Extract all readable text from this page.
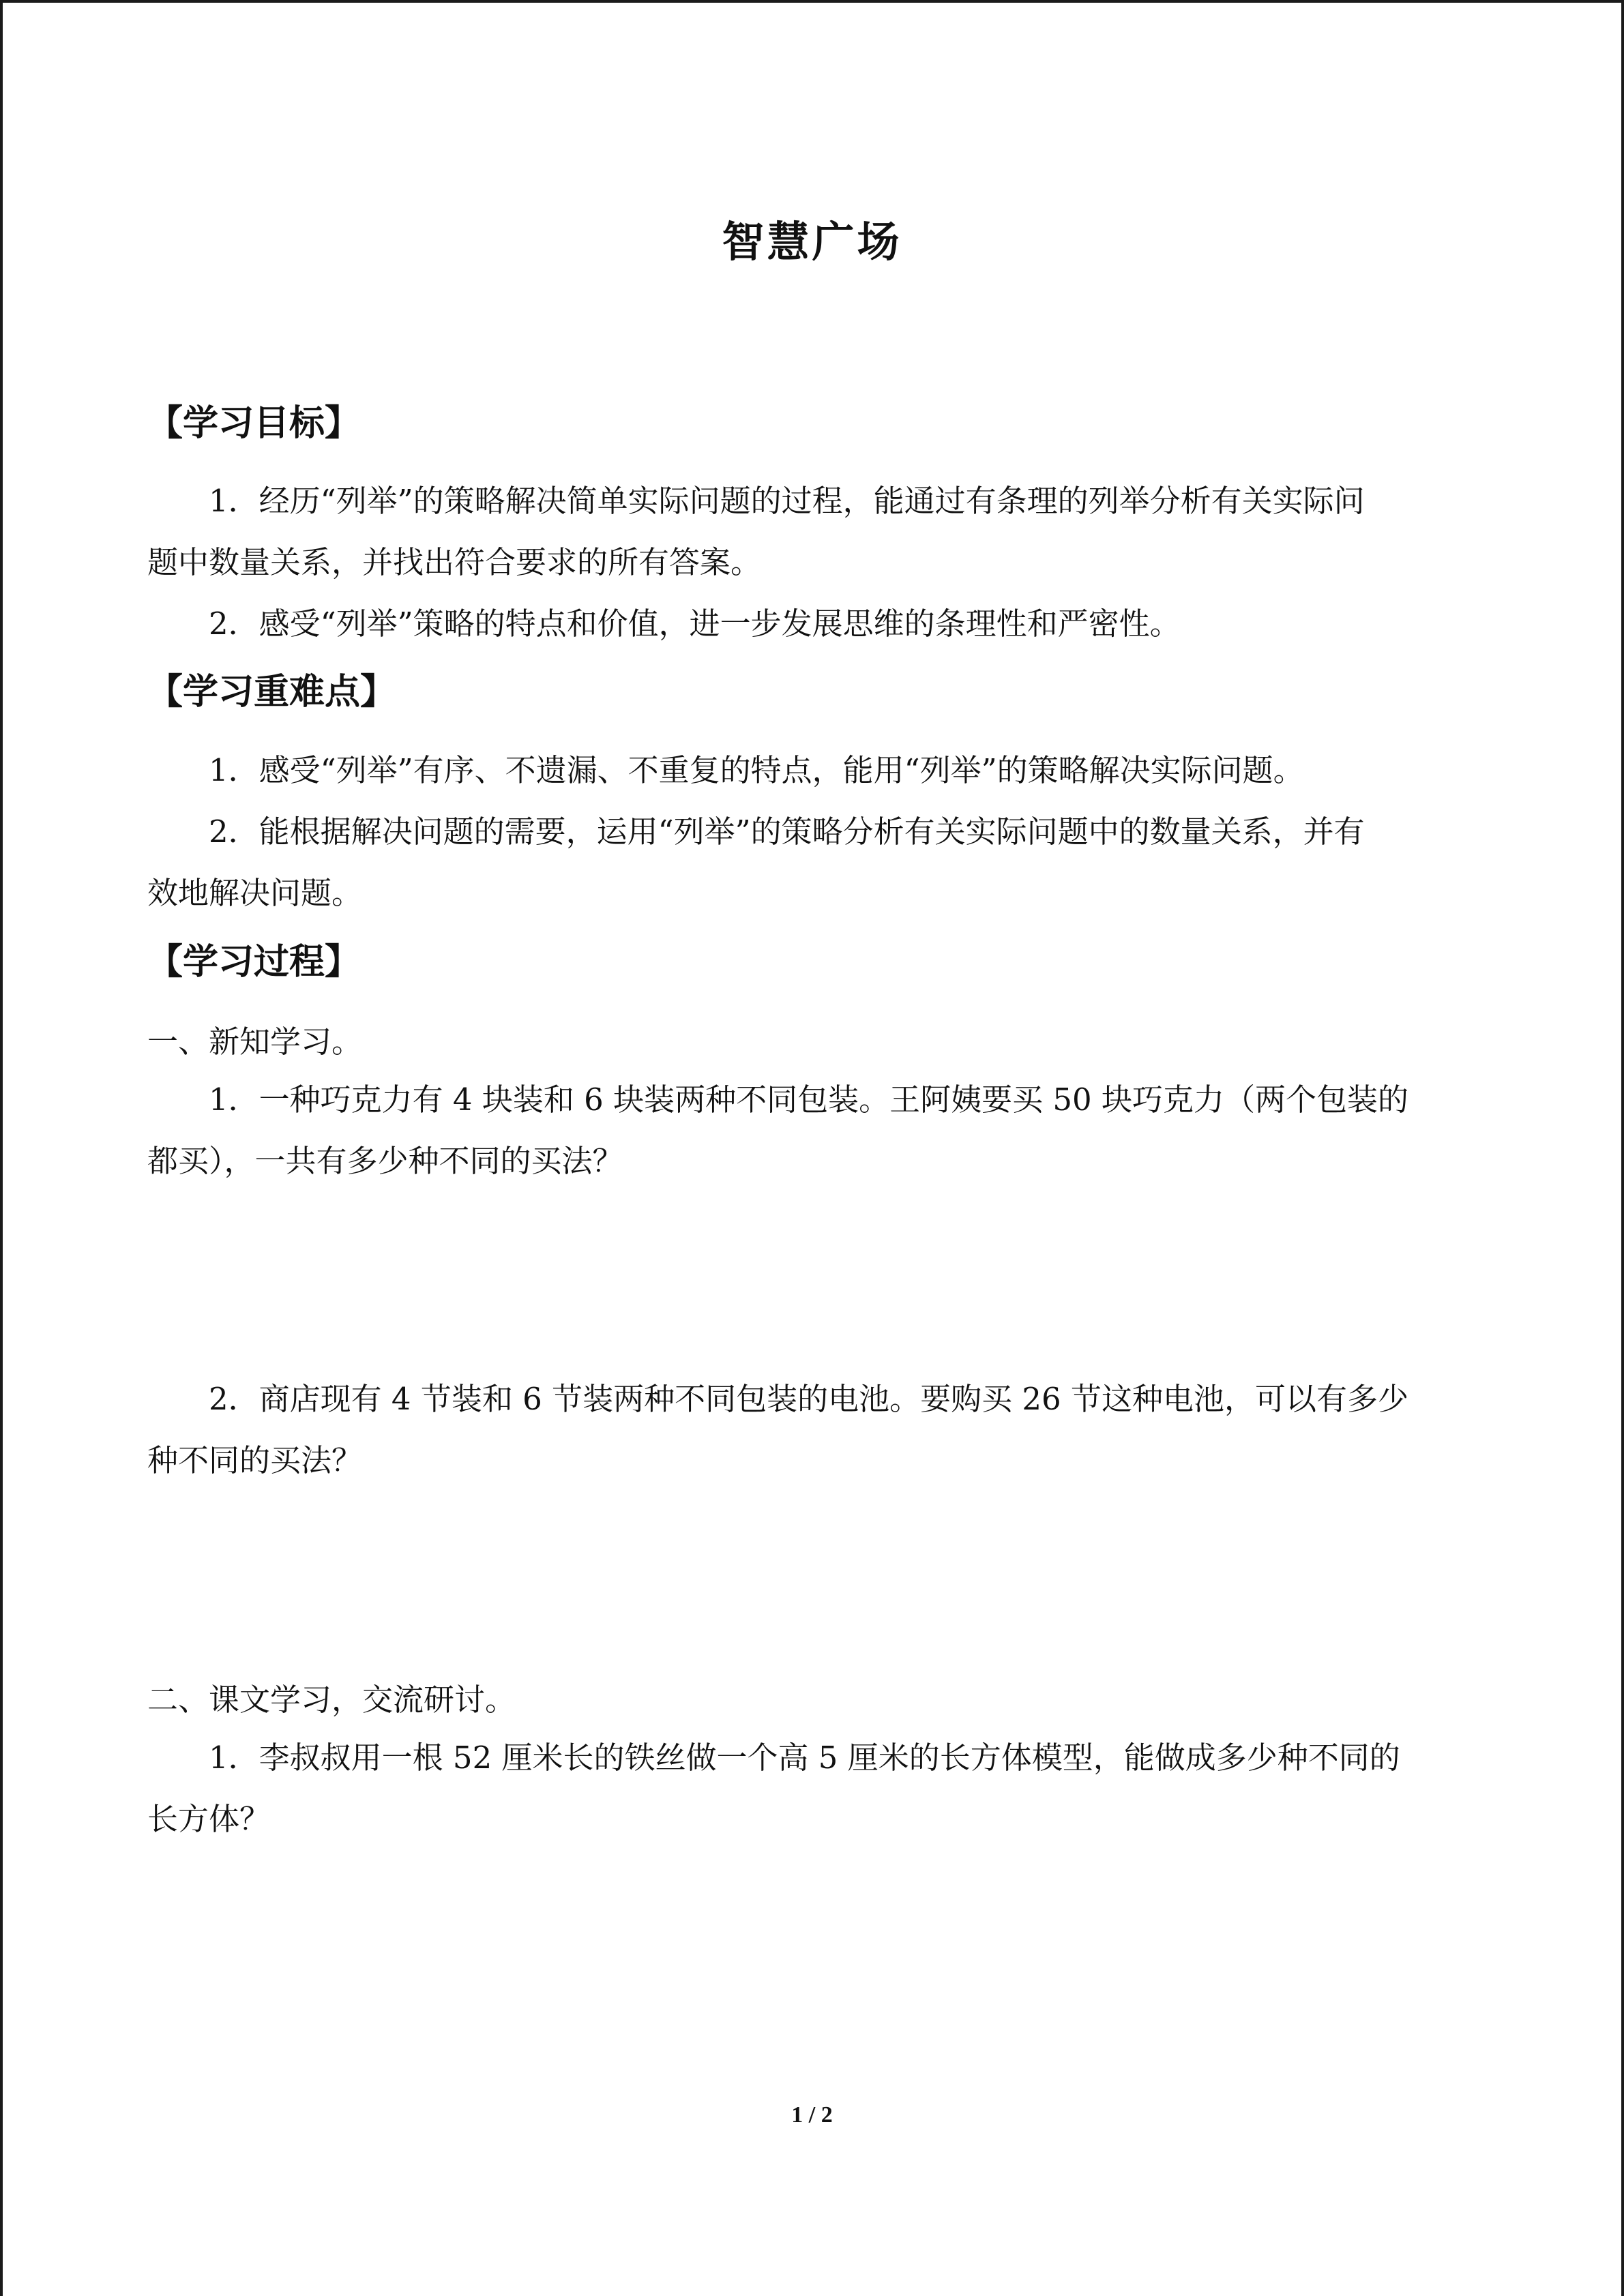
智慧广场
【学习目标】
1．经历“列举”的策略解决简单实际问题的过程，能通过有条理的列举分析有关实际问
题中数量关系，并找出符合要求的所有答案。
2．感受“列举”策略的特点和价值，进一步发展思维的条理性和严密性。
【学习重难点】
1．感受“列举”有序、不遗漏、不重复的特点，能用“列举”的策略解决实际问题。
2．能根据解决问题的需要，运用“列举”的策略分析有关实际问题中的数量关系，并有
效地解决问题。
【学习过程】
一、新知学习。
1．一种巧克力有 4 块装和 6 块装两种不同包装。王阿姨要买 50 块巧克力（两个包装的
都买），一共有多少种不同的买法？
2．商店现有 4 节装和 6 节装两种不同包装的电池。要购买 26 节这种电池，可以有多少
种不同的买法？
二、课文学习，交流研讨。
1．李叔叔用一根 52 厘米长的铁丝做一个高 5 厘米的长方体模型，能做成多少种不同的
长方体？
1 / 2
